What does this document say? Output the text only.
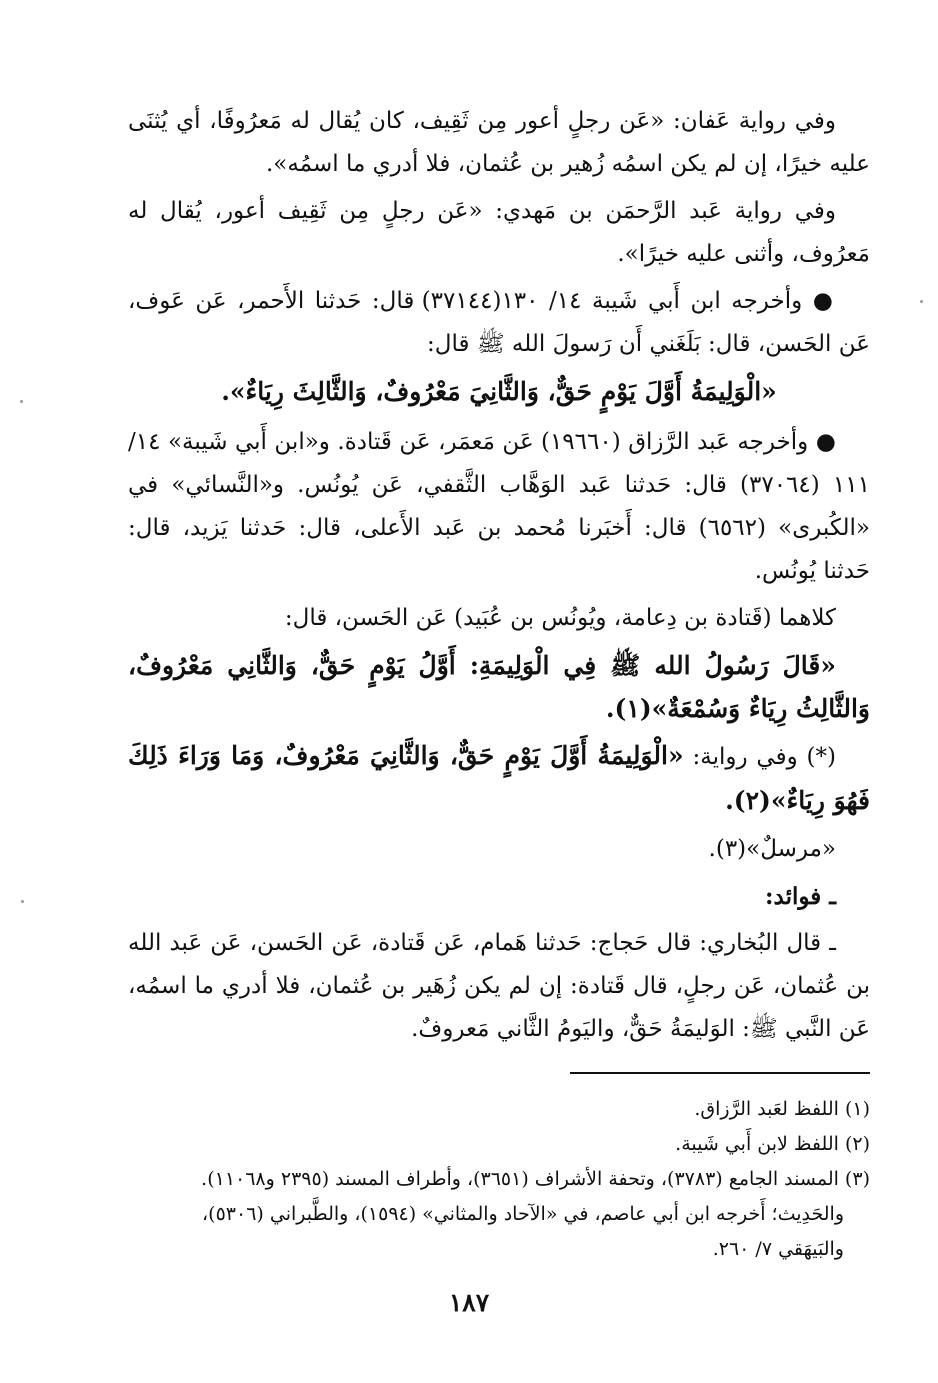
وفي رواية عَفان: «عَن رجلٍ أعور مِن ثَقِيف، كان يُقال له مَعرُوفًا، أي يُثنَى عليه خيرًا، إن لم يكن اسمُه زُهير بن عُثمان، فلا أدري ما اسمُه».

وفي رواية عَبد الرَّحمَن بن مَهدي: «عَن رجلٍ مِن ثَقِيف أعور، يُقال له مَعرُوف، وأثنى عليه خيرًا».

● وأخرجه ابن أَبي شَيبة ١٤/ ١٣٠(٣٧١٤٤) قال: حَدثنا الأَحمر، عَن عَوف، عَن الحَسن، قال: بَلَغَني أَن رَسولَ الله ﷺ قال:

«الْوَلِيمَةُ أَوَّلَ يَوْمٍ حَقٌّ، وَالثَّانِيَ مَعْرُوفٌ، وَالثَّالِثَ رِيَاءٌ».

● وأخرجه عَبد الرَّزاق (١٩٦٦٠) عَن مَعمَر، عَن قَتادة. و«ابن أَبي شَيبة» ١٤/ ١١١ (٣٧٠٦٤) قال: حَدثنا عَبد الوَهَّاب الثَّقفي، عَن يُونُس. و«النَّسائي» في «الكُبرى» (٦٥٦٢) قال: أَخبَرنا مُحمد بن عَبد الأَعلى، قال: حَدثنا يَزيد، قال: حَدثنا يُونُس.

كلاهما (قَتادة بن دِعامة، ويُونُس بن عُبَيد) عَن الحَسن، قال:

«قَالَ رَسُولُ الله ﷺ فِي الْوَلِيمَةِ: أَوَّلُ يَوْمٍ حَقٌّ، وَالثَّانِي مَعْرُوفٌ، وَالثَّالِثُ رِيَاءٌ وَسُمْعَةٌ»(١).

(*) وفي رواية: «الْوَلِيمَةُ أَوَّلَ يَوْمٍ حَقٌّ، وَالثَّانِيَ مَعْرُوفٌ، وَمَا وَرَاءَ ذَلِكَ فَهُوَ رِيَاءٌ»(٢).

«مرسلٌ»(٣).

ـ فوائد:

ـ قال البُخاري: قال حَجاج: حَدثنا هَمام، عَن قَتادة، عَن الحَسن، عَن عَبد الله بن عُثمان، عَن رجلٍ، قال قَتادة: إن لم يكن زُهَير بن عُثمان، فلا أدري ما اسمُه، عَن النَّبي ﷺ: الوَليمَةُ حَقٌّ، واليَومُ الثَّاني مَعروفٌ.

(١) اللفظ لعَبد الرَّزاق.

(٢) اللفظ لابن أَبي شَيبة.

(٣) المسند الجامع (٣٧٨٣)، وتحفة الأشراف (٣٦٥١)، وأطراف المسند (٢٣٩٥ و١١٠٦٨).

والحَدِيث؛ أَخرجه ابن أبي عاصم، في «الآحاد والمثاني» (١٥٩٤)، والطَّبراني (٥٣٠٦)،

والبَيهَقي ٧/ ٢٦٠.

١٨٧
